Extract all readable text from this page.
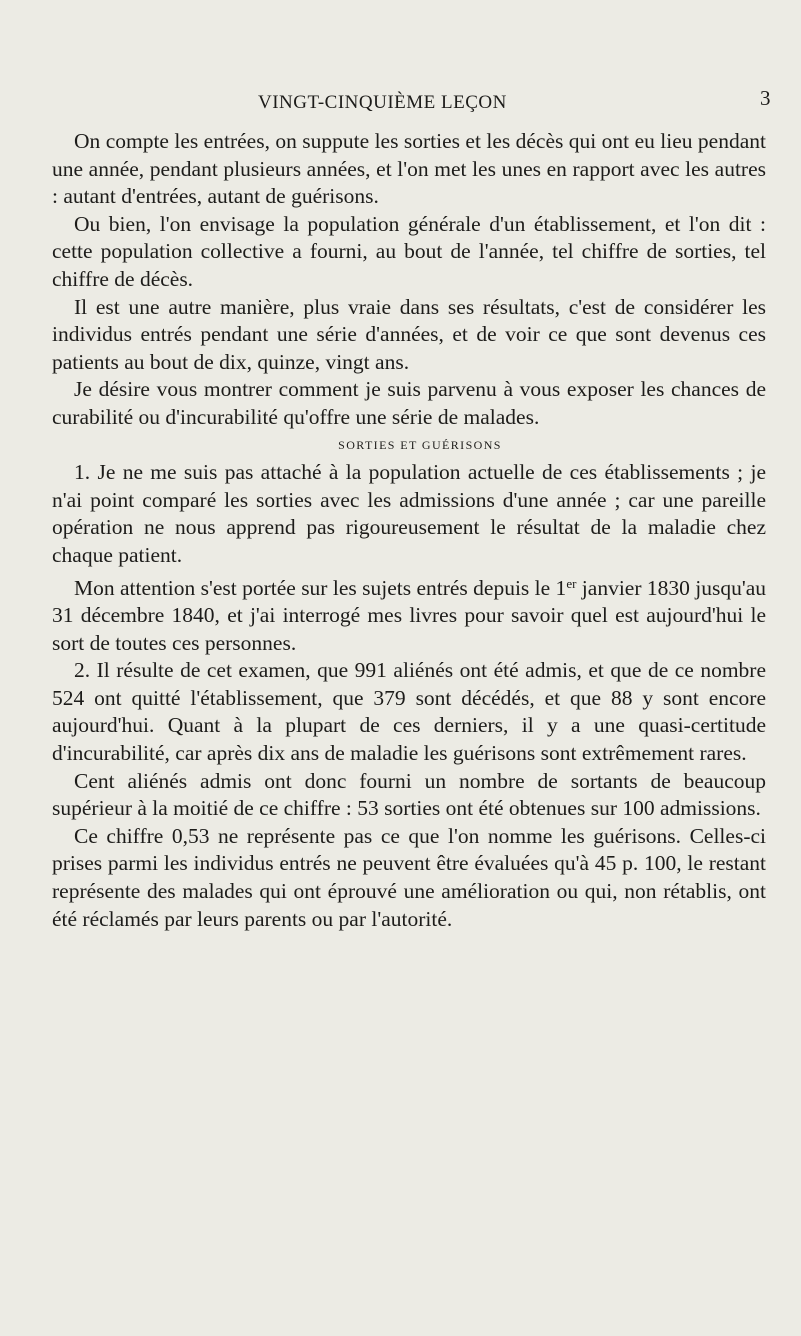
VINGT-CINQUIÈME LEÇON	3

On compte les entrées, on suppute les sorties et les décès qui ont eu lieu pendant une année, pendant plusieurs années, et l'on met les unes en rapport avec les autres : autant d'entrées, autant de guérisons.

Ou bien, l'on envisage la population générale d'un établissement, et l'on dit : cette population collective a fourni, au bout de l'année, tel chiffre de sorties, tel chiffre de décès.

Il est une autre manière, plus vraie dans ses résultats, c'est de considérer les individus entrés pendant une série d'années, et de voir ce que sont devenus ces patients au bout de dix, quinze, vingt ans.

Je désire vous montrer comment je suis parvenu à vous exposer les chances de curabilité ou d'incurabilité qu'offre une série de malades.

SORTIES ET GUÉRISONS

1. Je ne me suis pas attaché à la population actuelle de ces établissements ; je n'ai point comparé les sorties avec les admissions d'une année ; car une pareille opération ne nous apprend pas rigoureusement le résultat de la maladie chez chaque patient.

Mon attention s'est portée sur les sujets entrés depuis le 1er janvier 1830 jusqu'au 31 décembre 1840, et j'ai interrogé mes livres pour savoir quel est aujourd'hui le sort de toutes ces personnes.

2. Il résulte de cet examen, que 991 aliénés ont été admis, et que de ce nombre 524 ont quitté l'établissement, que 379 sont décédés, et que 88 y sont encore aujourd'hui. Quant à la plupart de ces derniers, il y a une quasi-certitude d'incurabilité, car après dix ans de maladie les guérisons sont extrêmement rares.

Cent aliénés admis ont donc fourni un nombre de sortants de beaucoup supérieur à la moitié de ce chiffre : 53 sorties ont été obtenues sur 100 admissions.

Ce chiffre 0,53 ne représente pas ce que l'on nomme les guérisons. Celles-ci prises parmi les individus entrés ne peuvent être évaluées qu'à 45 p. 100, le restant représente des malades qui ont éprouvé une amélioration ou qui, non rétablis, ont été réclamés par leurs parents ou par l'autorité.
